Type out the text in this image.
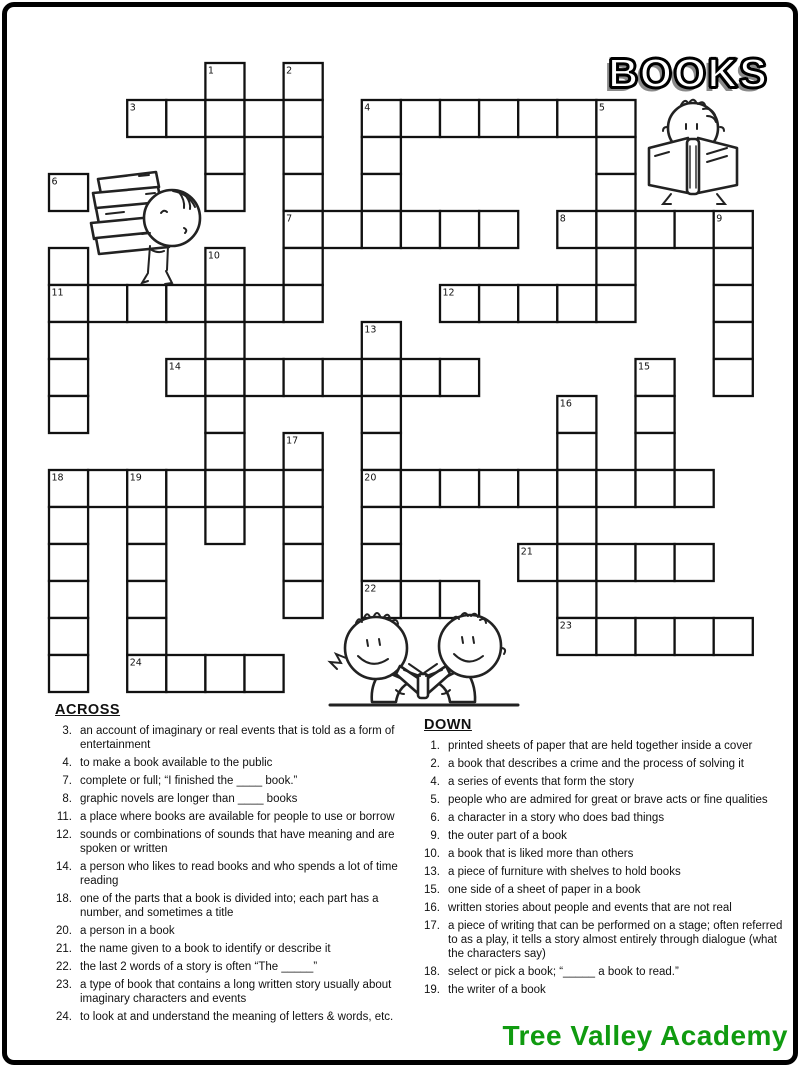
1	2
3	4	5
6
7	8	9
10
11	12
13
14	15
16
17
18	19	20
21
22
23
24
BOOKS
ACROSS
3. an account of imaginary or real events that is told as a form of entertainment
4. to make a book available to the public
7. complete or full; “I finished the ____ book.”
8. graphic novels are longer than ____ books
11. a place where books are available for people to use or borrow
12. sounds or combinations of sounds that have meaning and are spoken or written
14. a person who likes to read books and who spends a lot of time reading
18. one of the parts that a book is divided into; each part has a number, and sometimes a title
20. a person in a book
21. the name given to a book to identify or describe it
22. the last 2 words of a story is often “The _____”
23. a type of book that contains a long written story usually about imaginary characters and events
24. to look at and understand the meaning of letters & words, etc.
DOWN
1. printed sheets of paper that are held together inside a cover
2. a book that describes a crime and the process of solving it
4. a series of events that form the story
5. people who are admired for great or brave acts or fine qualities
6. a character in a story who does bad things
9. the outer part of a book
10. a book that is liked more than others
13. a piece of furniture with shelves to hold books
15. one side of a sheet of paper in a book
16. written stories about people and events that are not real
17. a piece of writing that can be performed on a stage; often referred to as a play, it tells a story almost entirely through dialogue (what the characters say)
18. select or pick a book; “_____ a book to read.”
19. the writer of a book
Tree Valley Academy
